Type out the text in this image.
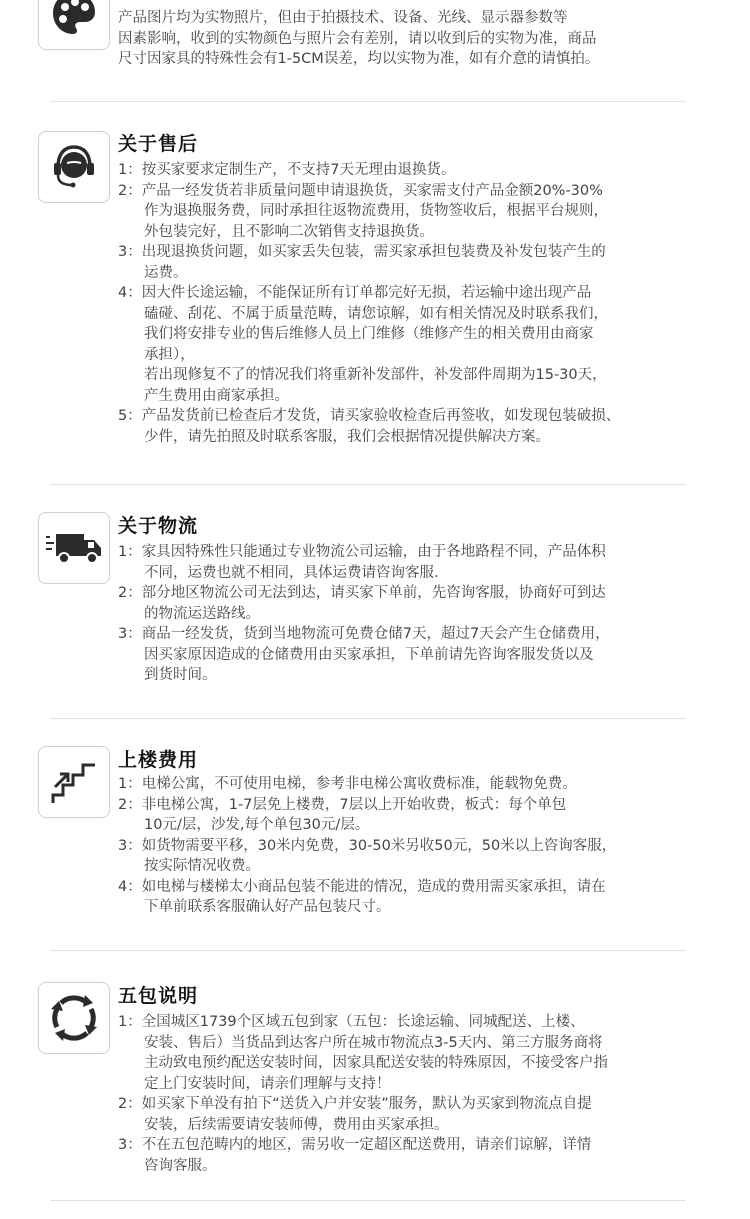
产品图片均为实物照片，但由于拍摄技术、设备、光线、显示器参数等
因素影响，收到的实物颜色与照片会有差别，请以收到后的实物为准，商品
尺寸因家具的特殊性会有1-5CM误差，均以实物为准，如有介意的请慎拍。

关于售后
1：按买家要求定制生产，不支持7天无理由退换货。
2：产品一经发货若非质量问题申请退换货，买家需支付产品金额20%-30%
作为退换服务费，同时承担往返物流费用，货物签收后，根据平台规则，
外包装完好，且不影响二次销售支持退换货。
3：出现退换货问题，如买家丢失包装，需买家承担包装费及补发包装产生的
运费。
4：因大件长途运输，不能保证所有订单都完好无损，若运输中途出现产品
磕碰、刮花、不属于质量范畴，请您谅解，如有相关情况及时联系我们，
我们将安排专业的售后维修人员上门维修（维修产生的相关费用由商家
承担），
若出现修复不了的情况我们将重新补发部件，补发部件周期为15-30天，
产生费用由商家承担。
5：产品发货前已检查后才发货，请买家验收检查后再签收，如发现包装破损、
少件，请先拍照及时联系客服，我们会根据情况提供解决方案。
关于物流
1：家具因特殊性只能通过专业物流公司运输，由于各地路程不同，产品体积
不同，运费也就不相同，具体运费请咨询客服.
2：部分地区物流公司无法到达，请买家下单前，先咨询客服，协商好可到达
的物流运送路线。
3：商品一经发货，货到当地物流可免费仓储7天，超过7天会产生仓储费用，
因买家原因造成的仓储费用由买家承担，下单前请先咨询客服发货以及
到货时间。
上楼费用
1：电梯公寓，不可使用电梯，参考非电梯公寓收费标准，能载物免费。
2：非电梯公寓，1-7层免上楼费，7层以上开始收费，板式：每个单包
10元/层，沙发,每个单包30元/层。
3：如货物需要平移，30米内免费，30-50米另收50元，50米以上咨询客服，
按实际情况收费。
4：如电梯与楼梯太小商品包装不能进的情况，造成的费用需买家承担，请在
下单前联系客服确认好产品包装尺寸。
五包说明
1：全国城区1739个区域五包到家（五包：长途运输、同城配送、上楼、
安装、售后）当货品到达客户所在城市物流点3-5天内、第三方服务商将
主动致电预约配送安装时间，因家具配送安装的特殊原因，不接受客户指
定上门安装时间，请亲们理解与支持！
2：如买家下单没有拍下“送货入户并安装”服务，默认为买家到物流点自提
安装，后续需要请安装师傅，费用由买家承担。
3：不在五包范畴内的地区，需另收一定超区配送费用，请亲们谅解，详情
咨询客服。
